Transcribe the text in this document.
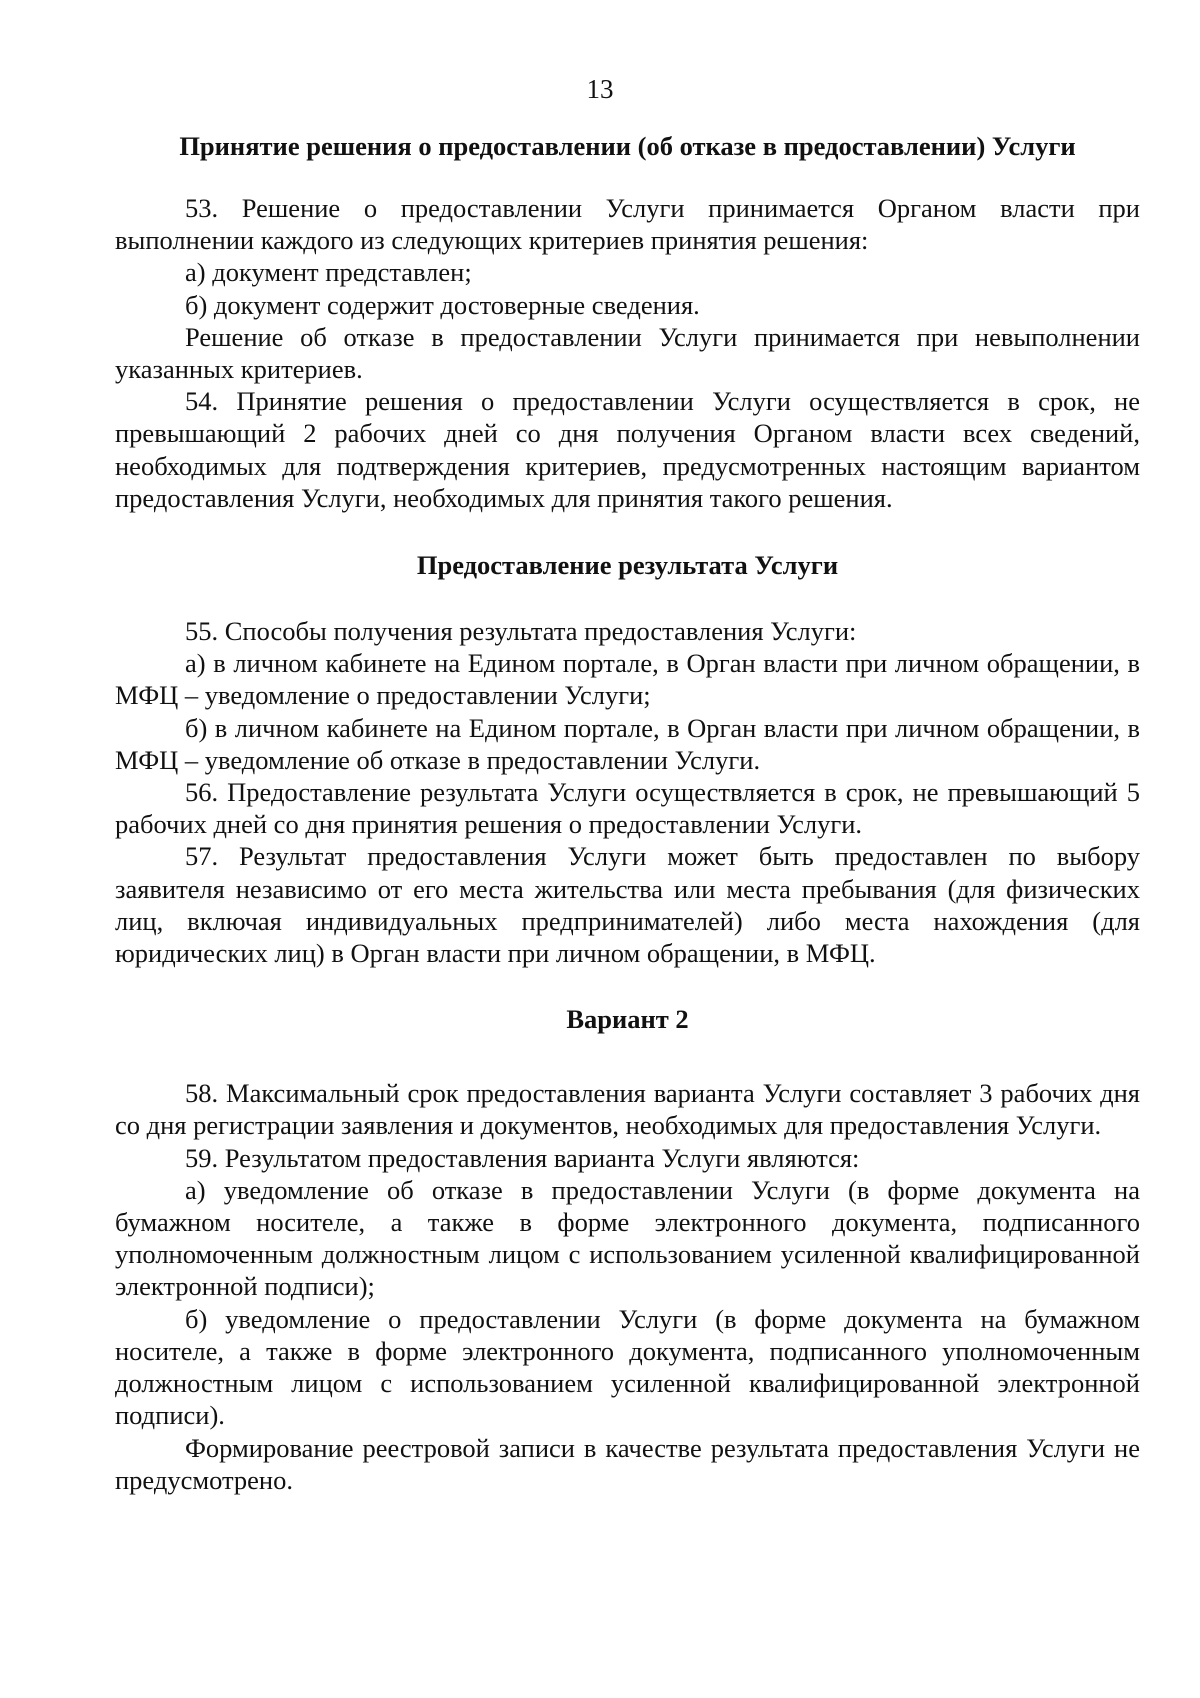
13
Принятие решения о предоставлении (об отказе в предоставлении) Услуги

53. Решение о предоставлении Услуги принимается Органом власти при выполнении каждого из следующих критериев принятия решения:

а) документ представлен;

б) документ содержит достоверные сведения.

Решение об отказе в предоставлении Услуги принимается при невыполнении указанных критериев.

54. Принятие решения о предоставлении Услуги осуществляется в срок, не превышающий 2 рабочих дней со дня получения Органом власти всех сведений, необходимых для подтверждения критериев, предусмотренных настоящим вариантом предоставления Услуги, необходимых для принятия такого решения.

Предоставление результата Услуги

55. Способы получения результата предоставления Услуги:

а) в личном кабинете на Едином портале, в Орган власти при личном обращении, в МФЦ – уведомление о предоставлении Услуги;

б) в личном кабинете на Едином портале, в Орган власти при личном обращении, в МФЦ – уведомление об отказе в предоставлении Услуги.

56. Предоставление результата Услуги осуществляется в срок, не превышающий 5 рабочих дней со дня принятия решения о предоставлении Услуги.

57. Результат предоставления Услуги может быть предоставлен по выбору заявителя независимо от его места жительства или места пребывания (для физических лиц, включая индивидуальных предпринимателей) либо места нахождения (для юридических лиц) в Орган власти при личном обращении, в МФЦ.

Вариант 2

58. Максимальный срок предоставления варианта Услуги составляет 3 рабочих дня со дня регистрации заявления и документов, необходимых для предоставления Услуги.

59. Результатом предоставления варианта Услуги являются:

а) уведомление об отказе в предоставлении Услуги (в форме документа на бумажном носителе, а также в форме электронного документа, подписанного уполномоченным должностным лицом с использованием усиленной квалифицированной электронной подписи);

б) уведомление о предоставлении Услуги (в форме документа на бумажном носителе, а также в форме электронного документа, подписанного уполномоченным должностным лицом с использованием усиленной квалифицированной электронной подписи).

Формирование реестровой записи в качестве результата предоставления Услуги не предусмотрено.
